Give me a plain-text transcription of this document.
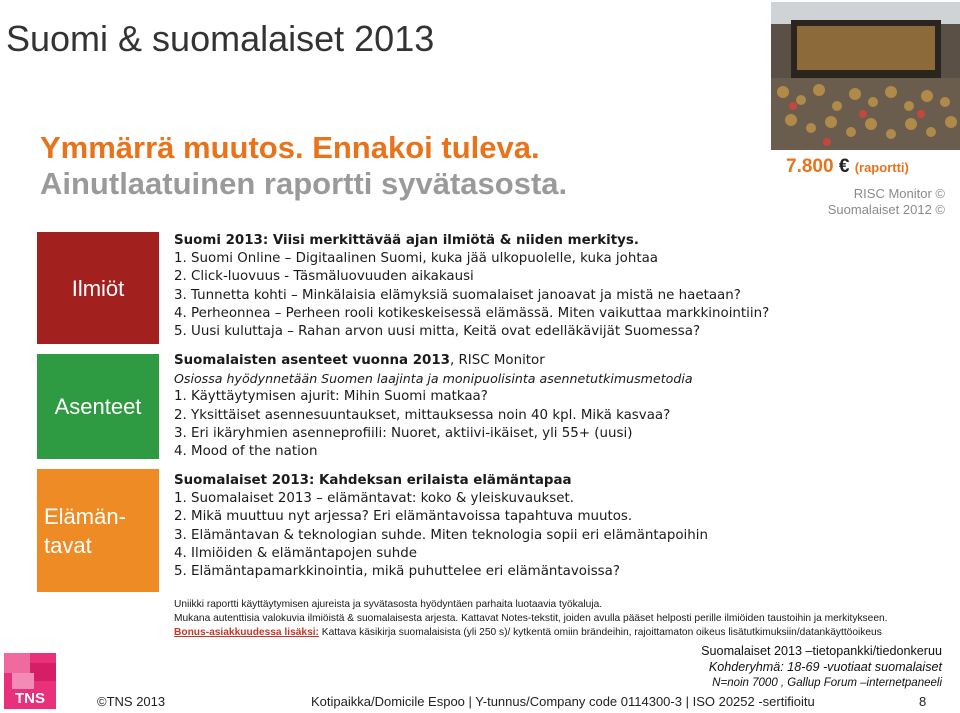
Suomi & suomalaiset 2013
Ymmärrä muutos. Ennakoi tuleva.
Ainutlaatuinen raportti syvätasosta.	7.800 € (raportti)
RISC Monitor ©
Suomalaiset 2012 ©
Ilmiöt
Asenteet
Elämän-
tavat
Suomi 2013: Viisi merkittävää ajan ilmiötä & niiden merkitys.
1. Suomi Online – Digitaalinen Suomi, kuka jää ulkopuolelle, kuka johtaa
2. Click-luovuus - Täsmäluovuuden aikakausi
3. Tunnetta kohti – Minkälaisia elämyksiä suomalaiset janoavat ja mistä ne haetaan?
4. Perheonnea – Perheen rooli kotikeskeisessä elämässä. Miten vaikuttaa markkinointiin?
5. Uusi kuluttaja – Rahan arvon uusi mitta, Keitä ovat edelläkävijät Suomessa?
Suomalaisten asenteet vuonna 2013, RISC Monitor
Osiossa hyödynnetään Suomen laajinta ja monipuolisinta asennetutkimusmetodia
1. Käyttäytymisen ajurit: Mihin Suomi matkaa?
2. Yksittäiset asennesuuntaukset, mittauksessa noin 40 kpl. Mikä kasvaa?
3. Eri ikäryhmien asenneprofiili: Nuoret, aktiivi-ikäiset, yli 55+ (uusi)
4. Mood of the nation
Suomalaiset 2013: Kahdeksan erilaista elämäntapaa
1. Suomalaiset 2013 – elämäntavat: koko & yleiskuvaukset.
2. Mikä muuttuu nyt arjessa? Eri elämäntavoissa tapahtuva muutos.
3. Elämäntavan & teknologian suhde. Miten teknologia sopii eri elämäntapoihin
4. Ilmiöiden & elämäntapojen suhde
5. Elämäntapamarkkinointia, mikä puhuttelee eri elämäntavoissa?
Uniikki raportti käyttäytymisen ajureista ja syvätasosta hyödyntäen parhaita luotaavia työkaluja.
Mukana autenttisia valokuvia ilmiöistä & suomalaisesta arjesta. Kattavat Notes-tekstit, joiden avulla pääset helposti perille ilmiöiden taustoihin ja merkitykseen.
Bonus-asiakkuudessa lisäksi: Kattava käsikirja suomalaisista (yli 250 s)/ kytkentä omiin brändeihin, rajoittamaton oikeus lisätutkimuksiin/datankäyttöoikeus
TNS	©TNS 2013	Kotipaikka/Domicile Espoo | Y-tunnus/Company code 0114300-3 | ISO 20252 -sertifioitu
Suomalaiset 2013 –tietopankki/tiedonkeruu
Kohderyhmä: 18-69 -vuotiaat suomalaiset
N=noin 7000 , Gallup Forum –internetpaneeli
8
